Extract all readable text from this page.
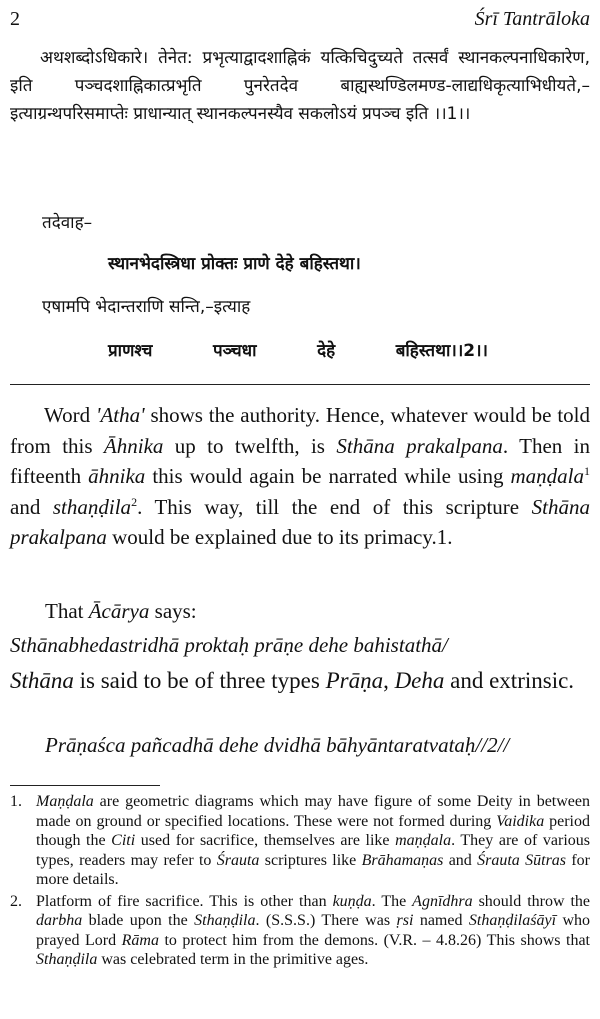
2	Śrī Tantrāloka
अथशब्दोऽधिकारे। तेनेत: प्रभृत्याद्वादशाह्निकं यत्किचिदुच्यते तत्सर्वं स्थानकल्पनाधिकारेण, इति पञ्चदशाह्निकात्प्रभृति पुनरेतदेव बाह्यस्थण्डिलमण्ड-लाद्यधिकृत्याभिधीयते,–इत्याग्रन्थपरिसमाप्तेः प्राधान्यात् स्थानकल्पनस्यैव सकलोऽयं प्रपञ्च इति ।।1।।
तदेवाह–
स्थानभेदस्त्रिधा प्रोक्तः प्राणे देहे बहिस्तथा।
एषामपि भेदान्तराणि सन्ति,–इत्याह
प्राणश्च	पञ्चधा	देहे	बहिस्तथा।।2।।
Word 'Atha' shows the authority. Hence, whatever would be told from this Āhnika up to twelfth, is Sthāna prakalpana. Then in fifteenth āhnika this would again be narrated while using maṇḍala$^1$ and sthaṇḍila$^2$. This way, till the end of this scripture Sthāna prakalpana would be explained due to its primacy.1.
That Ācārya says:
Sthānabhedastridhā proktaḥ prāṇe dehe bahistathā/
Sthāna is said to be of three types Prāṇa, Deha and extrinsic.
Prāṇaśca pañcadhā dehe dvidhā bāhyāntaratvataḥ//2//
1. Maṇḍala are geometric diagrams which may have figure of some Deity in between made on ground or specified locations. These were not formed during Vaidika period though the Citi used for sacrifice, themselves are like maṇḍala. They are of various types, readers may refer to Śrauta scriptures like Brāhamaṇas and Śrauta Sūtras for more details.
2. Platform of fire sacrifice. This is other than kuṇḍa. The Agnīdhra should throw the darbha blade upon the Sthaṇḍila. (S.S.S.) There was ṛsi named Sthaṇḍilaśāyī who prayed Lord Rāma to protect him from the demons. (V.R. – 4.8.26) This shows that Sthaṇḍila was celebrated term in the primitive ages.
